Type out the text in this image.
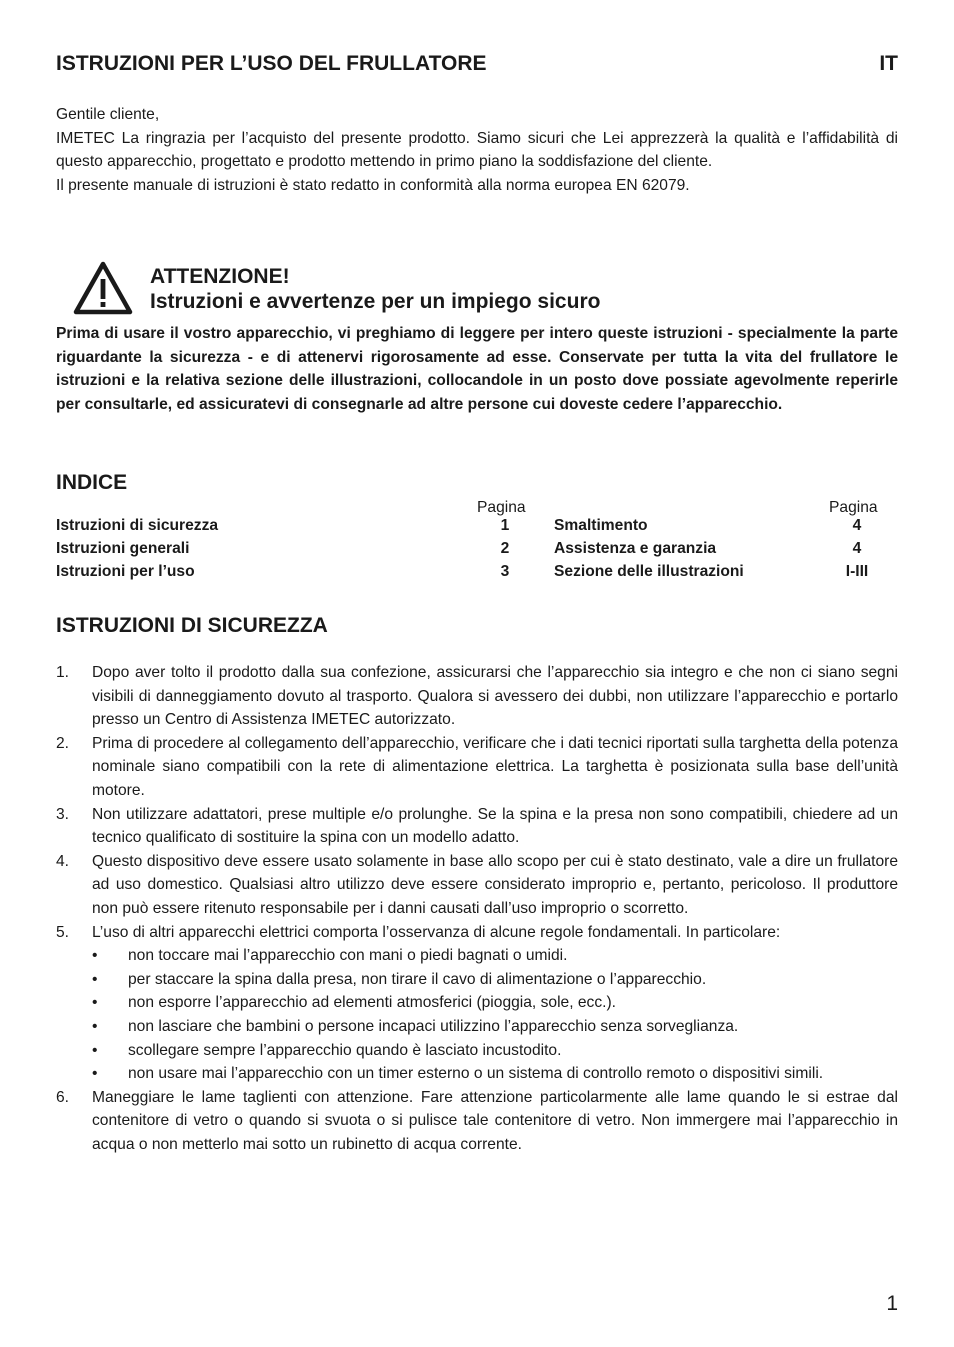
ISTRUZIONI PER L’USO DEL FRULLATORE	IT

Gentile cliente,

IMETEC La ringrazia per l’acquisto del presente prodotto. Siamo sicuri che Lei apprezzerà la qualità e l’affidabilità di questo apparecchio, progettato e prodotto mettendo in primo piano la soddisfazione del cliente.

Il presente manuale di istruzioni è stato redatto in conformità alla norma europea EN 62079.

ATTENZIONE!
Istruzioni e avvertenze per un impiego sicuro
Prima di usare il vostro apparecchio, vi preghiamo di leggere per intero queste istruzioni - specialmente la parte riguardante la sicurezza - e di attenervi rigorosamente ad esse. Conservate per tutta la vita del frullatore le istruzioni e la relativa sezione delle illustrazioni, collocandole in un posto dove possiate agevolmente reperirle per consultarle, ed assicuratevi di consegnarle ad altre persone cui doveste cedere l’apparecchio.
INDICE
Pagina	Pagina
Istruzioni di sicurezza	1
Istruzioni generali	2
Istruzioni per l’uso	3
Smaltimento	4
Assistenza e garanzia	4
Sezione delle illustrazioni	I-III
ISTRUZIONI DI SICUREZZA
1. Dopo aver tolto il prodotto dalla sua confezione, assicurarsi che l’apparecchio sia integro e che non ci siano segni visibili di danneggiamento dovuto al trasporto. Qualora si avessero dei dubbi, non utilizzare l’apparecchio e portarlo presso un Centro di Assistenza IMETEC autorizzato.
2. Prima di procedere al collegamento dell’apparecchio, verificare che i dati tecnici riportati sulla targhetta della potenza nominale siano compatibili con la rete di alimentazione elettrica. La targhetta è posizionata sulla base dell’unità motore.
3. Non utilizzare adattatori, prese multiple e/o prolunghe. Se la spina e la presa non sono compatibili, chiedere ad un tecnico qualificato di sostituire la spina con un modello adatto.
4. Questo dispositivo deve essere usato solamente in base allo scopo per cui è stato destinato, vale a dire un frullatore ad uso domestico. Qualsiasi altro utilizzo deve essere considerato improprio e, pertanto, pericoloso. Il produttore non può essere ritenuto responsabile per i danni causati dall’uso improprio o scorretto.
5. L’uso di altri apparecchi elettrici comporta l’osservanza di alcune regole fondamentali. In particolare:
• non toccare mai l’apparecchio con mani o piedi bagnati o umidi.
• per staccare la spina dalla presa, non tirare il cavo di alimentazione o l’apparecchio.
• non esporre l’apparecchio ad elementi atmosferici (pioggia, sole, ecc.).
• non lasciare che bambini o persone incapaci utilizzino l’apparecchio senza sorveglianza.
• scollegare sempre l’apparecchio quando è lasciato incustodito.
• non usare mai l’apparecchio con un timer esterno o un sistema di controllo remoto o dispositivi simili.
6. Maneggiare le lame taglienti con attenzione. Fare attenzione particolarmente alle lame quando le si estrae dal contenitore di vetro o quando si svuota o si pulisce tale contenitore di vetro. Non immergere mai l’apparecchio in acqua o non metterlo mai sotto un rubinetto di acqua corrente.
1
